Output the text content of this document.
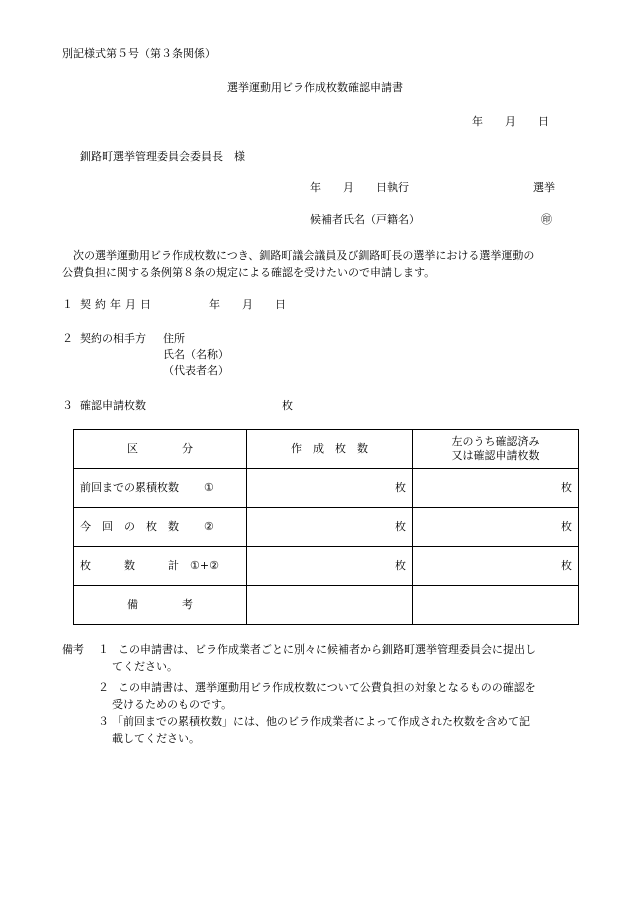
別記様式第５号（第３条関係）
選挙運動用ビラ作成枚数確認申請書
年　　月　　日
釧路町選挙管理委員会委員長　様
年　　月　　日執行	選挙
候補者氏名（戸籍名）	㊞
次の選挙運動用ビラ作成枚数につき、釧路町議会議員及び釧路町長の選挙における選挙運動の
公費負担に関する条例第８条の規定による確認を受けたいので申請します。
１ 契約年月日	年　　月　　日
２ 契約の相手方 住所
氏名（名称）
（代表者名）
３ 確認申請枚数	枚
区　　　　分	作　成　枚　数	左のうち確認済み
又は確認申請枚数

前回までの累積枚数 ①	枚	枚
今　回　の　枚　数 ②	枚	枚
枚　　　数　　　計 ①+②	枚	枚
備　　　　考		
備考 １ この申請書は、ビラ作成業者ごとに別々に候補者から釧路町選挙管理委員会に提出し
てください。
２ この申請書は、選挙運動用ビラ作成枚数について公費負担の対象となるものの確認を
受けるためのものです。
３ 「前回までの累積枚数」には、他のビラ作成業者によって作成された枚数を含めて記
載してください。
